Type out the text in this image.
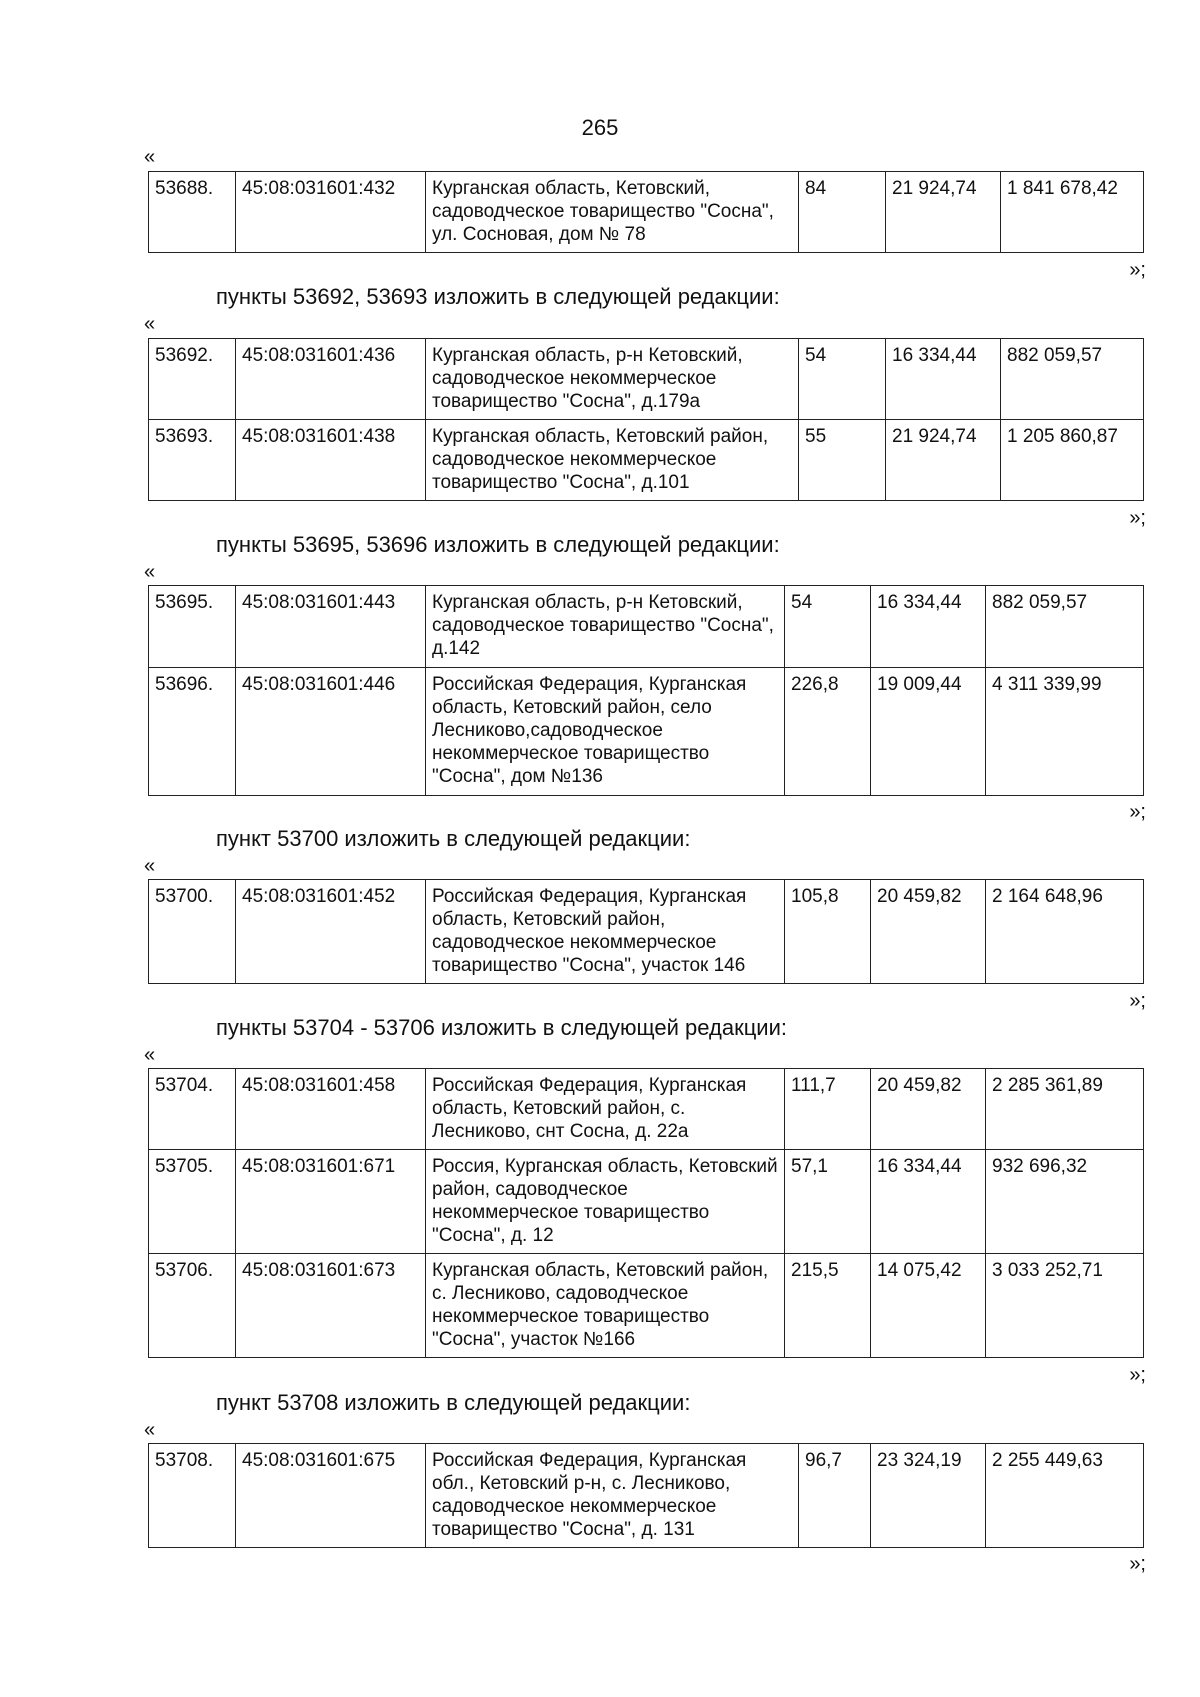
265
«
53688.	45:08:031601:432	Курганская область, Кетовский, садоводческое товарищество "Сосна", ул. Сосновая, дом № 78	84	21 924,74	1 841 678,42
»;
пункты 53692, 53693 изложить в следующей редакции:
«
53692.	45:08:031601:436	Курганская область, р-н Кетовский, садоводческое некоммерческое товарищество "Сосна", д.179а	54	16 334,44	882 059,57
53693.	45:08:031601:438	Курганская область, Кетовский район, садоводческое некоммерческое товарищество "Сосна", д.101	55	21 924,74	1 205 860,87
»;
пункты 53695, 53696 изложить в следующей редакции:
«
53695.	45:08:031601:443	Курганская область, р-н Кетовский, садоводческое товарищество "Сосна", д.142	54	16 334,44	882 059,57
53696.	45:08:031601:446	Российская Федерация, Курганская область, Кетовский район, село Лесниково,садоводческое некоммерческое товарищество "Сосна", дом №136	226,8	19 009,44	4 311 339,99
»;
пункт 53700 изложить в следующей редакции:
«
53700.	45:08:031601:452	Российская Федерация, Курганская область, Кетовский район, садоводческое некоммерческое товарищество "Сосна", участок 146	105,8	20 459,82	2 164 648,96
»;
пункты 53704 - 53706 изложить в следующей редакции:
«
53704.	45:08:031601:458	Российская Федерация, Курганская область, Кетовский район, с. Лесниково, снт Сосна, д. 22а	111,7	20 459,82	2 285 361,89
53705.	45:08:031601:671	Россия, Курганская область, Кетовский район, садоводческое некоммерческое товарищество "Сосна", д. 12	57,1	16 334,44	932 696,32
53706.	45:08:031601:673	Курганская область, Кетовский район, с. Лесниково, садоводческое некоммерческое товарищество "Сосна", участок №166	215,5	14 075,42	3 033 252,71
»;
пункт 53708 изложить в следующей редакции:
«
53708.	45:08:031601:675	Российская Федерация, Курганская обл., Кетовский р-н, с. Лесниково, садоводческое некоммерческое товарищество "Сосна", д. 131	96,7	23 324,19	2 255 449,63
»;
